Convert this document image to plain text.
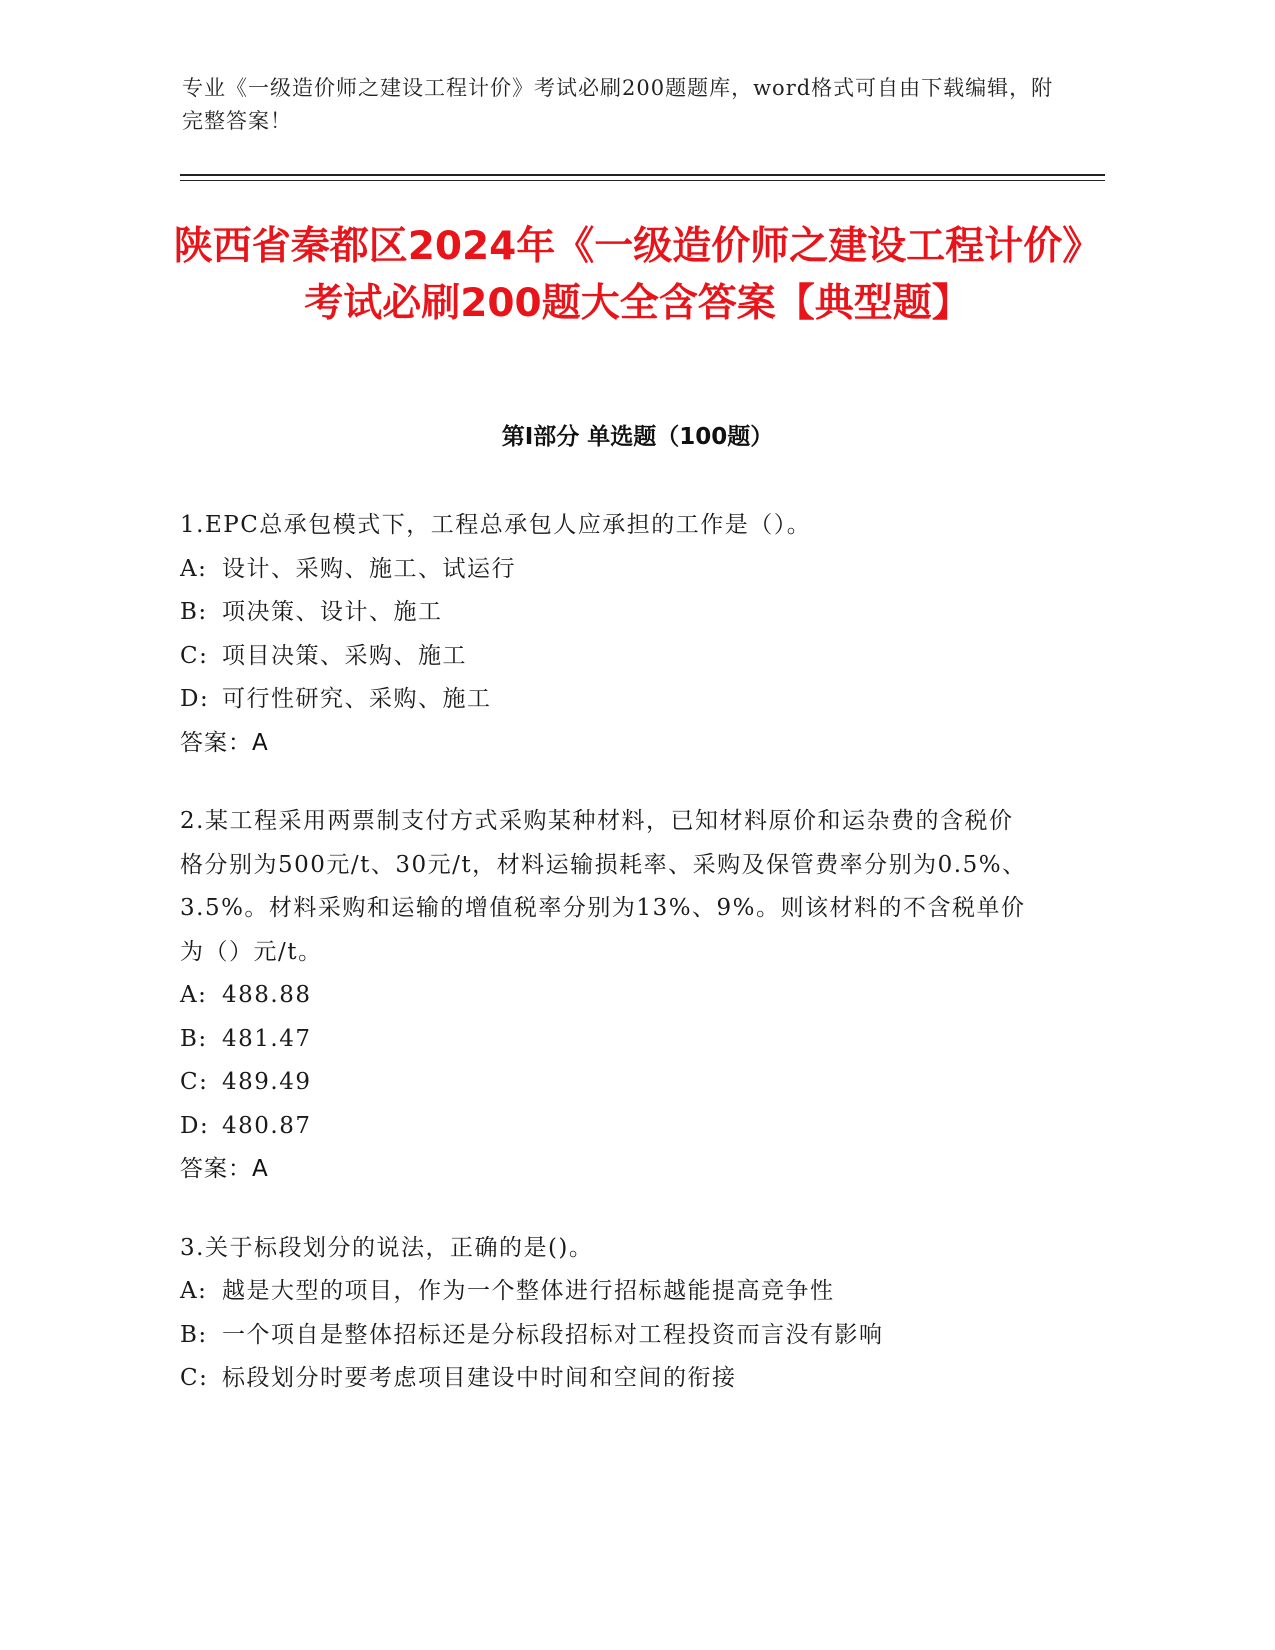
专业《一级造价师之建设工程计价》考试必刷200题题库，word格式可自由下载编辑，附完整答案！
陕西省秦都区2024年《一级造价师之建设工程计价》考试必刷200题大全含答案【典型题】
第Ⅰ部分 单选题（100题）
1.EPC总承包模式下，工程总承包人应承担的工作是（）。
A: 设计、采购、施工、试运行
B: 项决策、设计、施工
C: 项目决策、采购、施工
D: 可行性研究、采购、施工
答案：A
2.某工程采用两票制支付方式采购某种材料，已知材料原价和运杂费的含税价格分别为500元/t、30元/t，材料运输损耗率、采购及保管费率分别为0.5%、3.5%。材料采购和运输的增值税率分别为13%、9%。则该材料的不含税单价为（）元/t。
A: 488.88
B: 481.47
C: 489.49
D: 480.87
答案：A
3.关于标段划分的说法，正确的是()。
A: 越是大型的项目，作为一个整体进行招标越能提高竞争性
B: 一个项自是整体招标还是分标段招标对工程投资而言没有影响
C: 标段划分时要考虑项目建设中时间和空间的衔接
